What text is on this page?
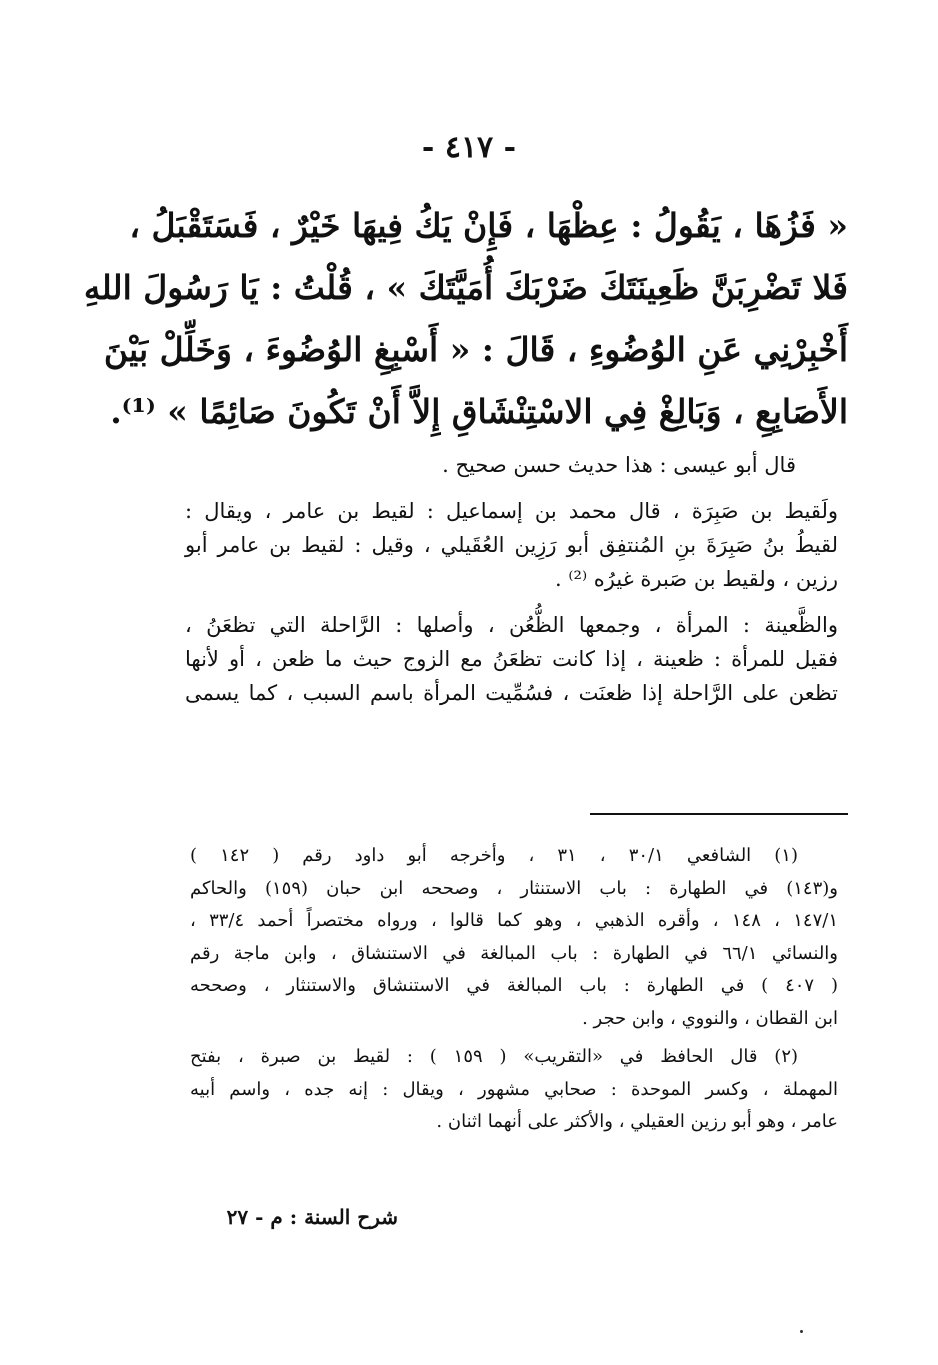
- ٤١٧ -
« فَزُهَا ، يَقُولُ : عِظْهَا ، فَإِنْ يَكُ فِيهَا خَيْرٌ ، فَسَتَقْبَلُ ،
فَلا تَضْرِبَنَّ ظَعِينَتَكَ ضَرْبَكَ أُمَيَّتَكَ » ، قُلْتُ : يَا رَسُولَ اللهِ
أَخْبِرْنِي عَنِ الوُضُوءِ ، قَالَ : « أَسْبِغِ الوُضُوءَ ، وَخَلِّلْ بَيْنَ
الأَصَابِعِ ، وَبَالِغْ فِي الاسْتِنْشَاقِ إِلاَّ أَنْ تَكُونَ صَائِمًا » ⁽¹⁾.
قال أبو عيسى : هذا حديث حسن صحيح .
ولَقيط بن صَبِرَة ، قال محمد بن إسماعيل : لقيط بن عامر ، ويقال :
لقيطُ بنُ صَبِرَةَ بنِ المُنتفِق أبو رَزِين العُقَيلي ، وقيل : لقيط بن عامر أبو
رزين ، ولقيط بن صَبرة غيرُه ⁽²⁾ .
والظَّعينة : المرأة ، وجمعها الظُّعُن ، وأصلها : الرَّاحلة التي تظعَنُ ،
فقيل للمرأة : ظعينة ، إذا كانت تظعَنُ مع الزوج حيث ما ظعن ، أو لأنها
تظعن على الرَّاحلة إذا ظعنَت ، فسُمِّيت المرأة باسم السبب ، كما يسمى
(١) الشافعي ٣٠/١ ، ٣١ ، وأخرجه أبو داود رقم ( ١٤٢ )
و(١٤٣) في الطهارة : باب الاستنثار ، وصححه ابن حبان (١٥٩) والحاكم
١٤٧/١ ، ١٤٨ ، وأقره الذهبي ، وهو كما قالوا ، ورواه مختصراً أحمد ٣٣/٤ ،
والنسائي ٦٦/١ في الطهارة : باب المبالغة في الاستنشاق ، وابن ماجة رقم
( ٤٠٧ ) في الطهارة : باب المبالغة في الاستنشاق والاستنثار ، وصححه
ابن القطان ، والنووي ، وابن حجر .
(٢) قال الحافظ في «التقريب» ( ١٥٩ ) : لقيط بن صبرة ، بفتح
المهملة ، وكسر الموحدة : صحابي مشهور ، ويقال : إنه جده ، واسم أبيه
عامر ، وهو أبو رزين العقيلي ، والأكثر على أنهما اثنان .
شرح السنة : م - ٢٧
